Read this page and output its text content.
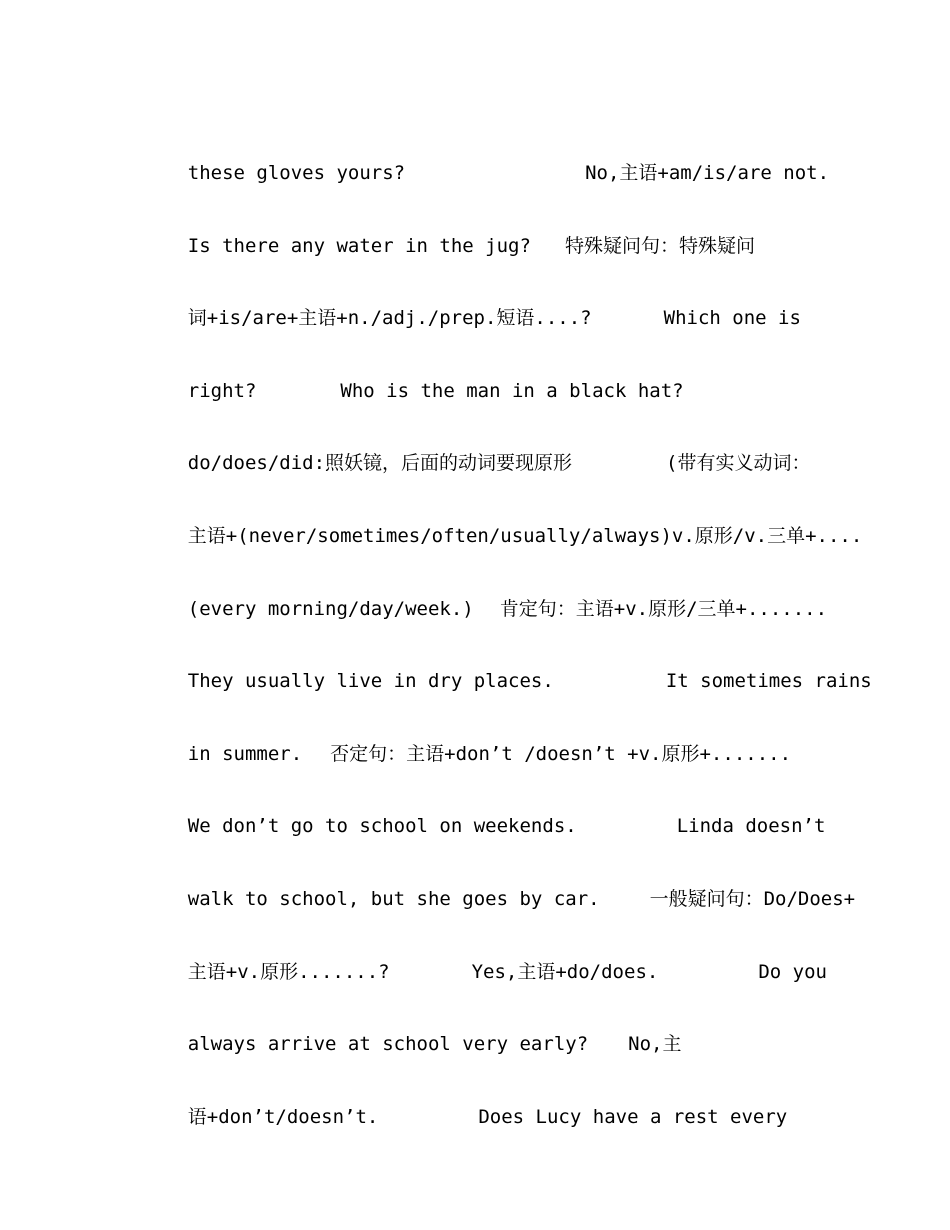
these gloves yours?	No,主语+am/is/are not.

Is there any water in the jug? 特殊疑问句：特殊疑问

词+is/are+主语+n./adj./prep.短语....?	Which one is

right?	Who is the man in a black hat?

do/does/did:照妖镜，后面的动词要现原形	(带有实义动词：

主语+(never/sometimes/often/usually/always)v.原形/v.三单+....

(every morning/day/week.) 肯定句：主语+v.原形/三单+.......

They usually live in dry places.	It sometimes rains

in summer. 否定句：主语+don’t /doesn’t +v.原形+.......

We don’t go to school on weekends.	Linda doesn’t

walk to school, but she goes by car.	一般疑问句：Do/Does+

主语+v.原形.......?	Yes,主语+do/does.	Do you

always arrive at school very early? No,主

语+don’t/doesn’t.	Does Lucy have a rest every
